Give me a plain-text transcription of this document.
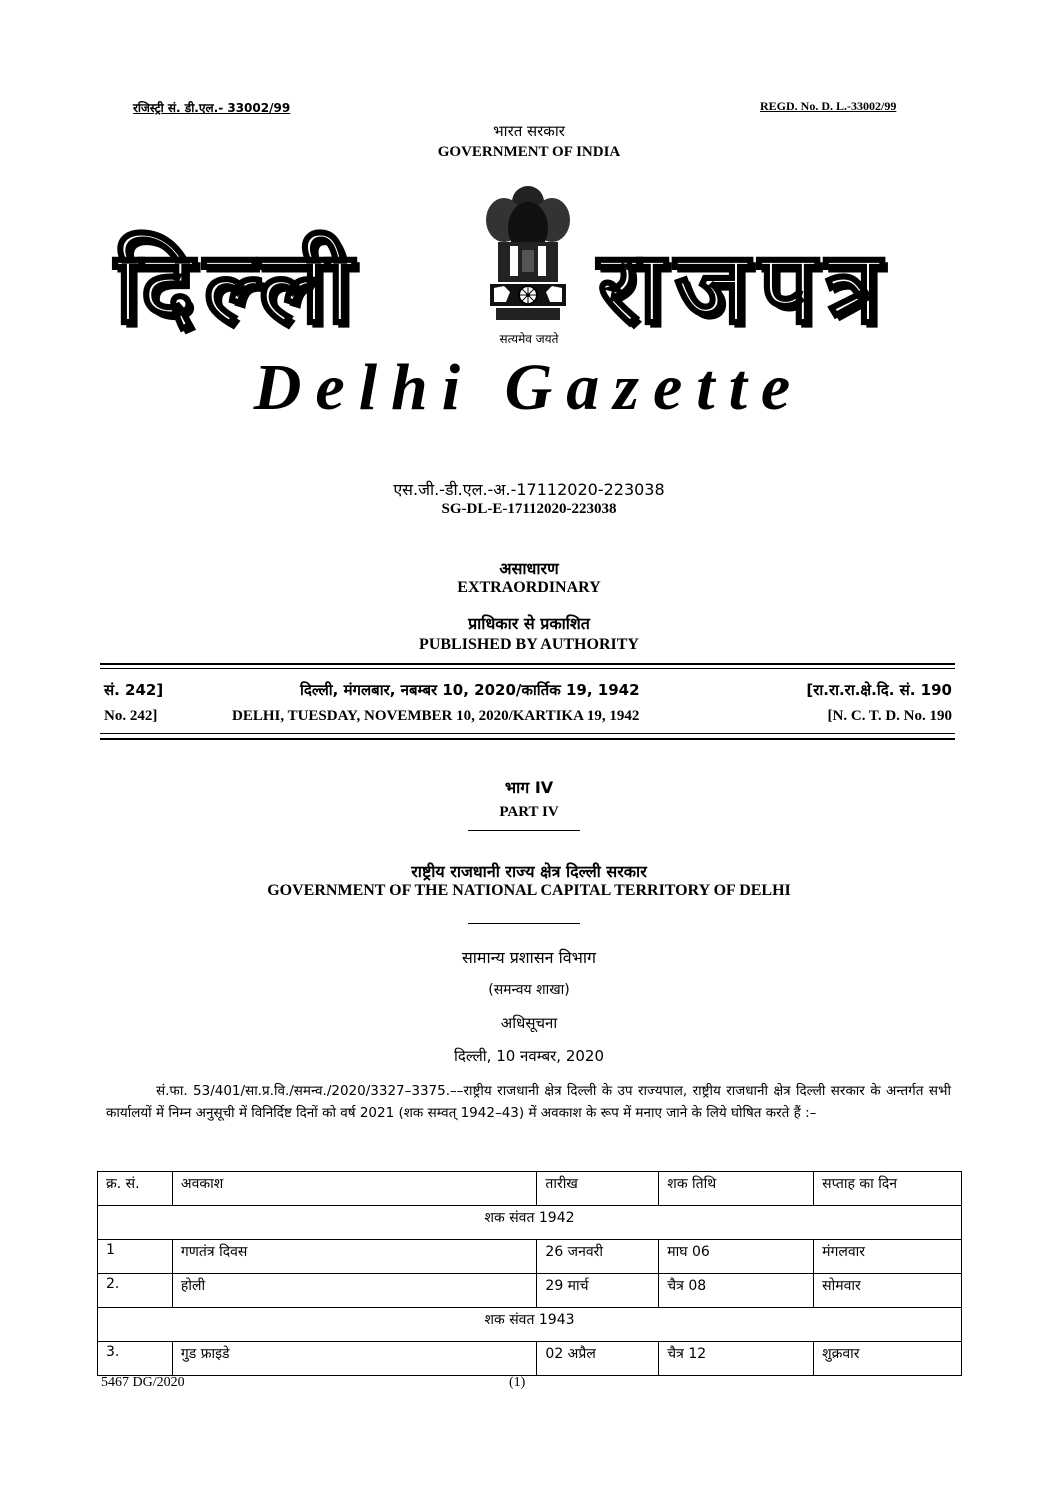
रजिस्ट्री सं. डी.एल.- 33002/99	REGD. No. D. L.-33002/99
भारत सरकार
GOVERNMENT OF INDIA
दिल्ली राजपत्र
सत्यमेव जयते
Delhi Gazette
एस.जी.-डी.एल.-अ.-17112020-223038
SG-DL-E-17112020-223038
असाधारण
EXTRAORDINARY
प्राधिकार से प्रकाशित
PUBLISHED BY AUTHORITY
सं. 242]	दिल्ली, मंगलबार, नबम्बर 10, 2020/कार्तिक 19, 1942	[रा.रा.रा.क्षे.दि. सं. 190
No. 242]	DELHI, TUESDAY, NOVEMBER 10, 2020/KARTIKA 19, 1942	[N. C. T. D. No. 190
भाग IV
PART IV
राष्ट्रीय राजधानी राज्य क्षेत्र दिल्ली सरकार
GOVERNMENT OF THE NATIONAL CAPITAL TERRITORY OF DELHI
सामान्य प्रशासन विभाग
(समन्वय शाखा)
अधिसूचना
दिल्ली, 10 नवम्बर, 2020
सं.फा. 53/401/सा.प्र.वि./समन्व./2020/3327–3375.––राष्ट्रीय राजधानी क्षेत्र दिल्ली के उप राज्यपाल, राष्ट्रीय राजधानी क्षेत्र दिल्ली सरकार के अन्तर्गत सभी कार्यालयों में निम्न अनुसूची में विनिर्दिष्ट दिनों को वर्ष 2021 (शक सम्वत् 1942–43) में अवकाश के रूप में मनाए जाने के लिये घोषित करते हैं :–
क्र. सं.	अवकाश	तारीख	शक तिथि	सप्ताह का दिन
शक संवत 1942				
1	गणतंत्र दिवस	26 जनवरी	माघ 06	मंगलवार
2.	होली	29 मार्च	चैत्र 08	सोमवार
शक संवत 1943				
3.	गुड फ्राइडे	02 अप्रैल	चैत्र 12	शुक्रवार
5467 DG/2020	(1)
